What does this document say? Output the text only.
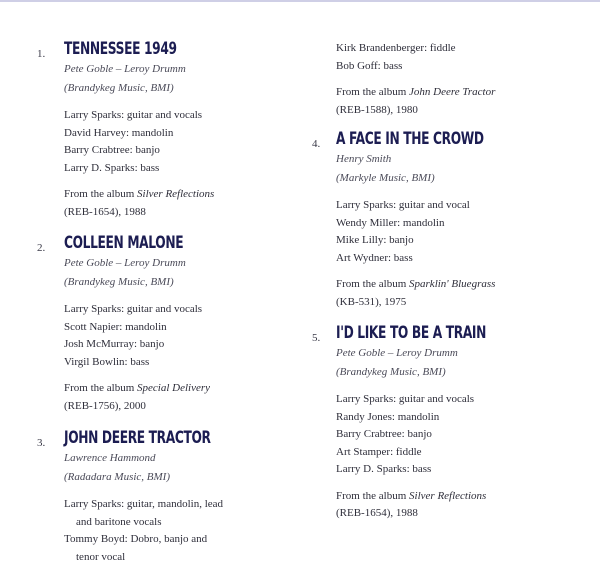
1. TENNESSEE 1949
Pete Goble – Leroy Drumm
(Brandykeg Music, BMI)
Larry Sparks: guitar and vocals
David Harvey: mandolin
Barry Crabtree: banjo
Larry D. Sparks: bass
From the album Silver Reflections
(REB-1654), 1988
2. COLLEEN MALONE
Pete Goble – Leroy Drumm
(Brandykeg Music, BMI)
Larry Sparks: guitar and vocals
Scott Napier: mandolin
Josh McMurray: banjo
Virgil Bowlin: bass
From the album Special Delivery
(REB-1756), 2000
3. JOHN DEERE TRACTOR
Lawrence Hammond
(Radadara Music, BMI)
Larry Sparks: guitar, mandolin, lead
and baritone vocals
Tommy Boyd: Dobro, banjo and
tenor vocal
Kirk Brandenberger: fiddle
Bob Goff: bass
From the album John Deere Tractor
(REB-1588), 1980
4. A FACE IN THE CROWD
Henry Smith
(Markyle Music, BMI)
Larry Sparks: guitar and vocal
Wendy Miller: mandolin
Mike Lilly: banjo
Art Wydner: bass
From the album Sparklin' Bluegrass
(KB-531), 1975
5. I'D LIKE TO BE A TRAIN
Pete Goble – Leroy Drumm
(Brandykeg Music, BMI)
Larry Sparks: guitar and vocals
Randy Jones: mandolin
Barry Crabtree: banjo
Art Stamper: fiddle
Larry D. Sparks: bass
From the album Silver Reflections
(REB-1654), 1988
